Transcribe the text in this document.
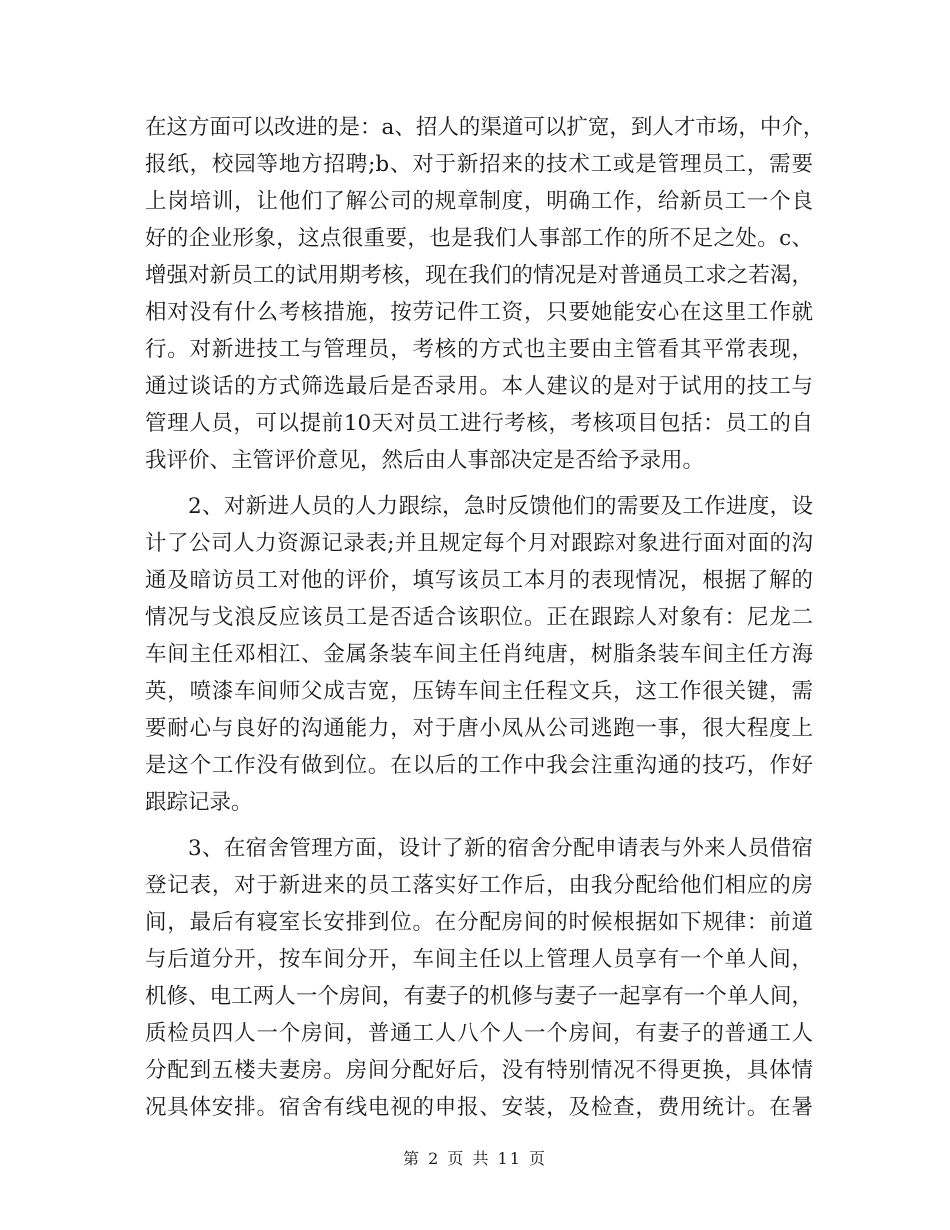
在这方面可以改进的是：a、招人的渠道可以扩宽，到人才市场，中介，
报纸，校园等地方招聘;b、对于新招来的技术工或是管理员工，需要
上岗培训，让他们了解公司的规章制度，明确工作，给新员工一个良
好的企业形象，这点很重要，也是我们人事部工作的所不足之处。c、
增强对新员工的试用期考核，现在我们的情况是对普通员工求之若渴，
相对没有什么考核措施，按劳记件工资，只要她能安心在这里工作就
行。对新进技工与管理员，考核的方式也主要由主管看其平常表现，
通过谈话的方式筛选最后是否录用。本人建议的是对于试用的技工与
管理人员，可以提前10天对员工进行考核，考核项目包括：员工的自
我评价、主管评价意见，然后由人事部决定是否给予录用。
2、对新进人员的人力跟综，急时反馈他们的需要及工作进度，设
计了公司人力资源记录表;并且规定每个月对跟踪对象进行面对面的沟
通及暗访员工对他的评价，填写该员工本月的表现情况，根据了解的
情况与戈浪反应该员工是否适合该职位。正在跟踪人对象有：尼龙二
车间主任邓相江、金属条装车间主任肖纯唐，树脂条装车间主任方海
英，喷漆车间师父成吉宽，压铸车间主任程文兵，这工作很关键，需
要耐心与良好的沟通能力，对于唐小凤从公司逃跑一事，很大程度上
是这个工作没有做到位。在以后的工作中我会注重沟通的技巧，作好
跟踪记录。
3、在宿舍管理方面，设计了新的宿舍分配申请表与外来人员借宿
登记表，对于新进来的员工落实好工作后，由我分配给他们相应的房
间，最后有寝室长安排到位。在分配房间的时候根据如下规律：前道
与后道分开，按车间分开，车间主任以上管理人员享有一个单人间，
机修、电工两人一个房间，有妻子的机修与妻子一起享有一个单人间，
质检员四人一个房间，普通工人八个人一个房间，有妻子的普通工人
分配到五楼夫妻房。房间分配好后，没有特别情况不得更换，具体情
况具体安排。宿舍有线电视的申报、安装，及检查，费用统计。在暑
第 2 页 共 11 页
